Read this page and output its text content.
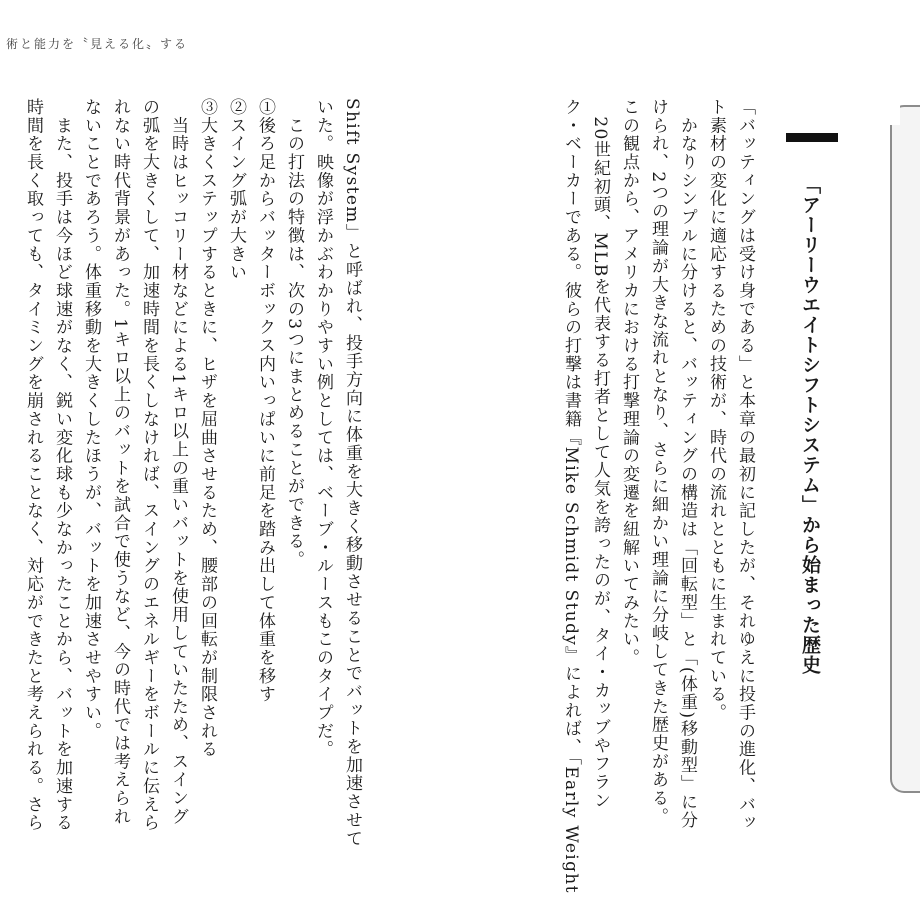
術と能力を〝見える化〟する
「アーリーウエイトシフトシステム」から始まった歴史
「バッティングは受け身である」と本章の最初に記したが、それゆえに投手の進化、バッ
ト素材の変化に適応するための技術が、時代の流れとともに生まれている。
　かなりシンプルに分けると、バッティングの構造は「回転型」と「(体重)移動型」に分
けられ、2つの理論が大きな流れとなり、さらに細かい理論に分岐してきた歴史がある。
この観点から、アメリカにおける打撃理論の変遷を紐解いてみたい。
　20世紀初頭、MLBを代表する打者として人気を誇ったのが、タイ・カッブやフラン
ク・ベーカーである。彼らの打撃は書籍『Mike Schmidt Study』によれば、「Early Weight
Shift System」と呼ばれ、投手方向に体重を大きく移動させることでバットを加速させて
いた。映像が浮かぶわかりやすい例としては、ベーブ・ルースもこのタイプだ。
　この打法の特徴は、次の3つにまとめることができる。
①後ろ足からバッターボックス内いっぱいに前足を踏み出して体重を移す
②スイング弧が大きい
③大きくステップするときに、ヒザを屈曲させるため、腰部の回転が制限される
　当時はヒッコリー材などによる1キロ以上の重いバットを使用していたため、スイング
の弧を大きくして、加速時間を長くしなければ、スイングのエネルギーをボールに伝えら
れない時代背景があった。1キロ以上のバットを試合で使うなど、今の時代では考えられ
ないことであろう。体重移動を大きくしたほうが、バットを加速させやすい。
　また、投手は今ほど球速がなく、鋭い変化球も少なかったことから、バットを加速する
時間を長く取っても、タイミングを崩されることなく、対応ができたと考えられる。さら
